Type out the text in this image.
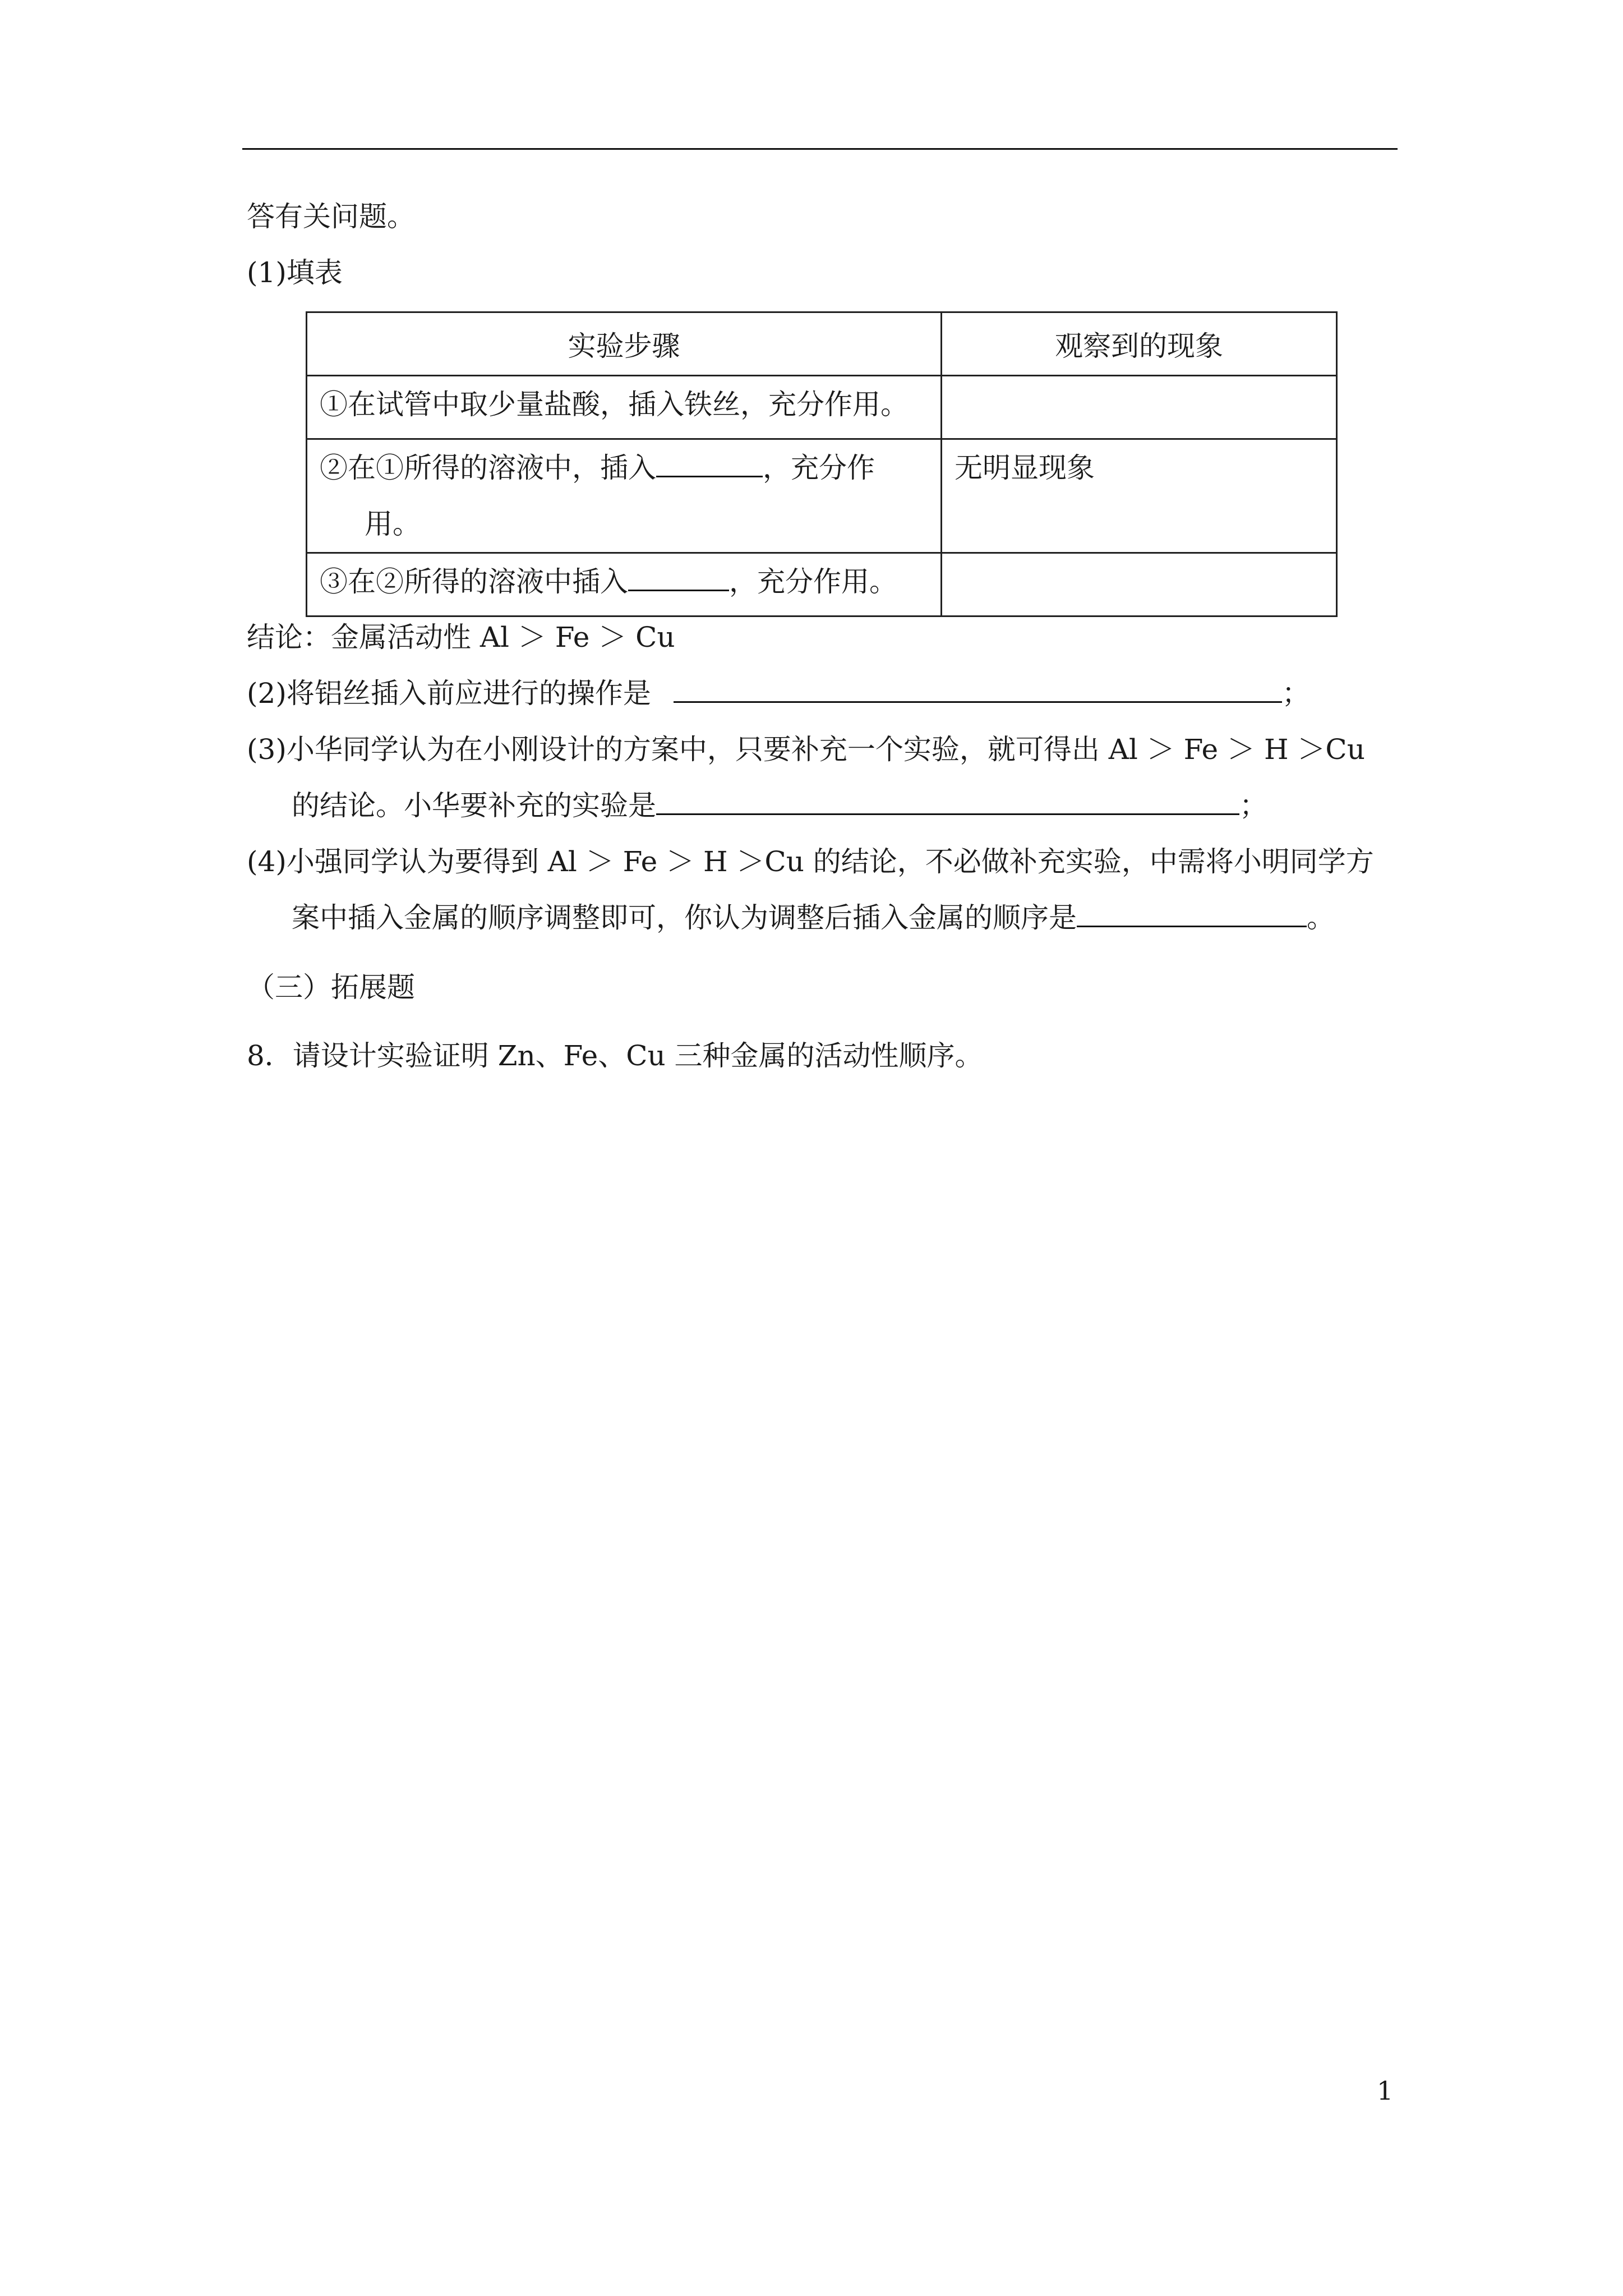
答有关问题。
(1)填表
实验步骤	观察到的现象
①在试管中取少量盐酸，插入铁丝，充分作用。	

②在①所得的溶液中，插入 ，充分作
用。	无明显现象
③在②所得的溶液中插入 ，充分作用。	
结论：金属活动性 Al ＞ Fe ＞ Cu
(2)将铝丝插入前应进行的操作是	；
(3)小华同学认为在小刚设计的方案中，只要补充一个实验，就可得出 Al ＞ Fe ＞ H ＞Cu
的结论。小华要补充的实验是	；
(4)小强同学认为要得到 Al ＞ Fe ＞ H ＞Cu 的结论，不必做补充实验，中需将小明同学方
案中插入金属的顺序调整即可，你认为调整后插入金属的顺序是	。
（三）拓展题
8．请设计实验证明 Zn、Fe、Cu 三种金属的活动性顺序。
1
